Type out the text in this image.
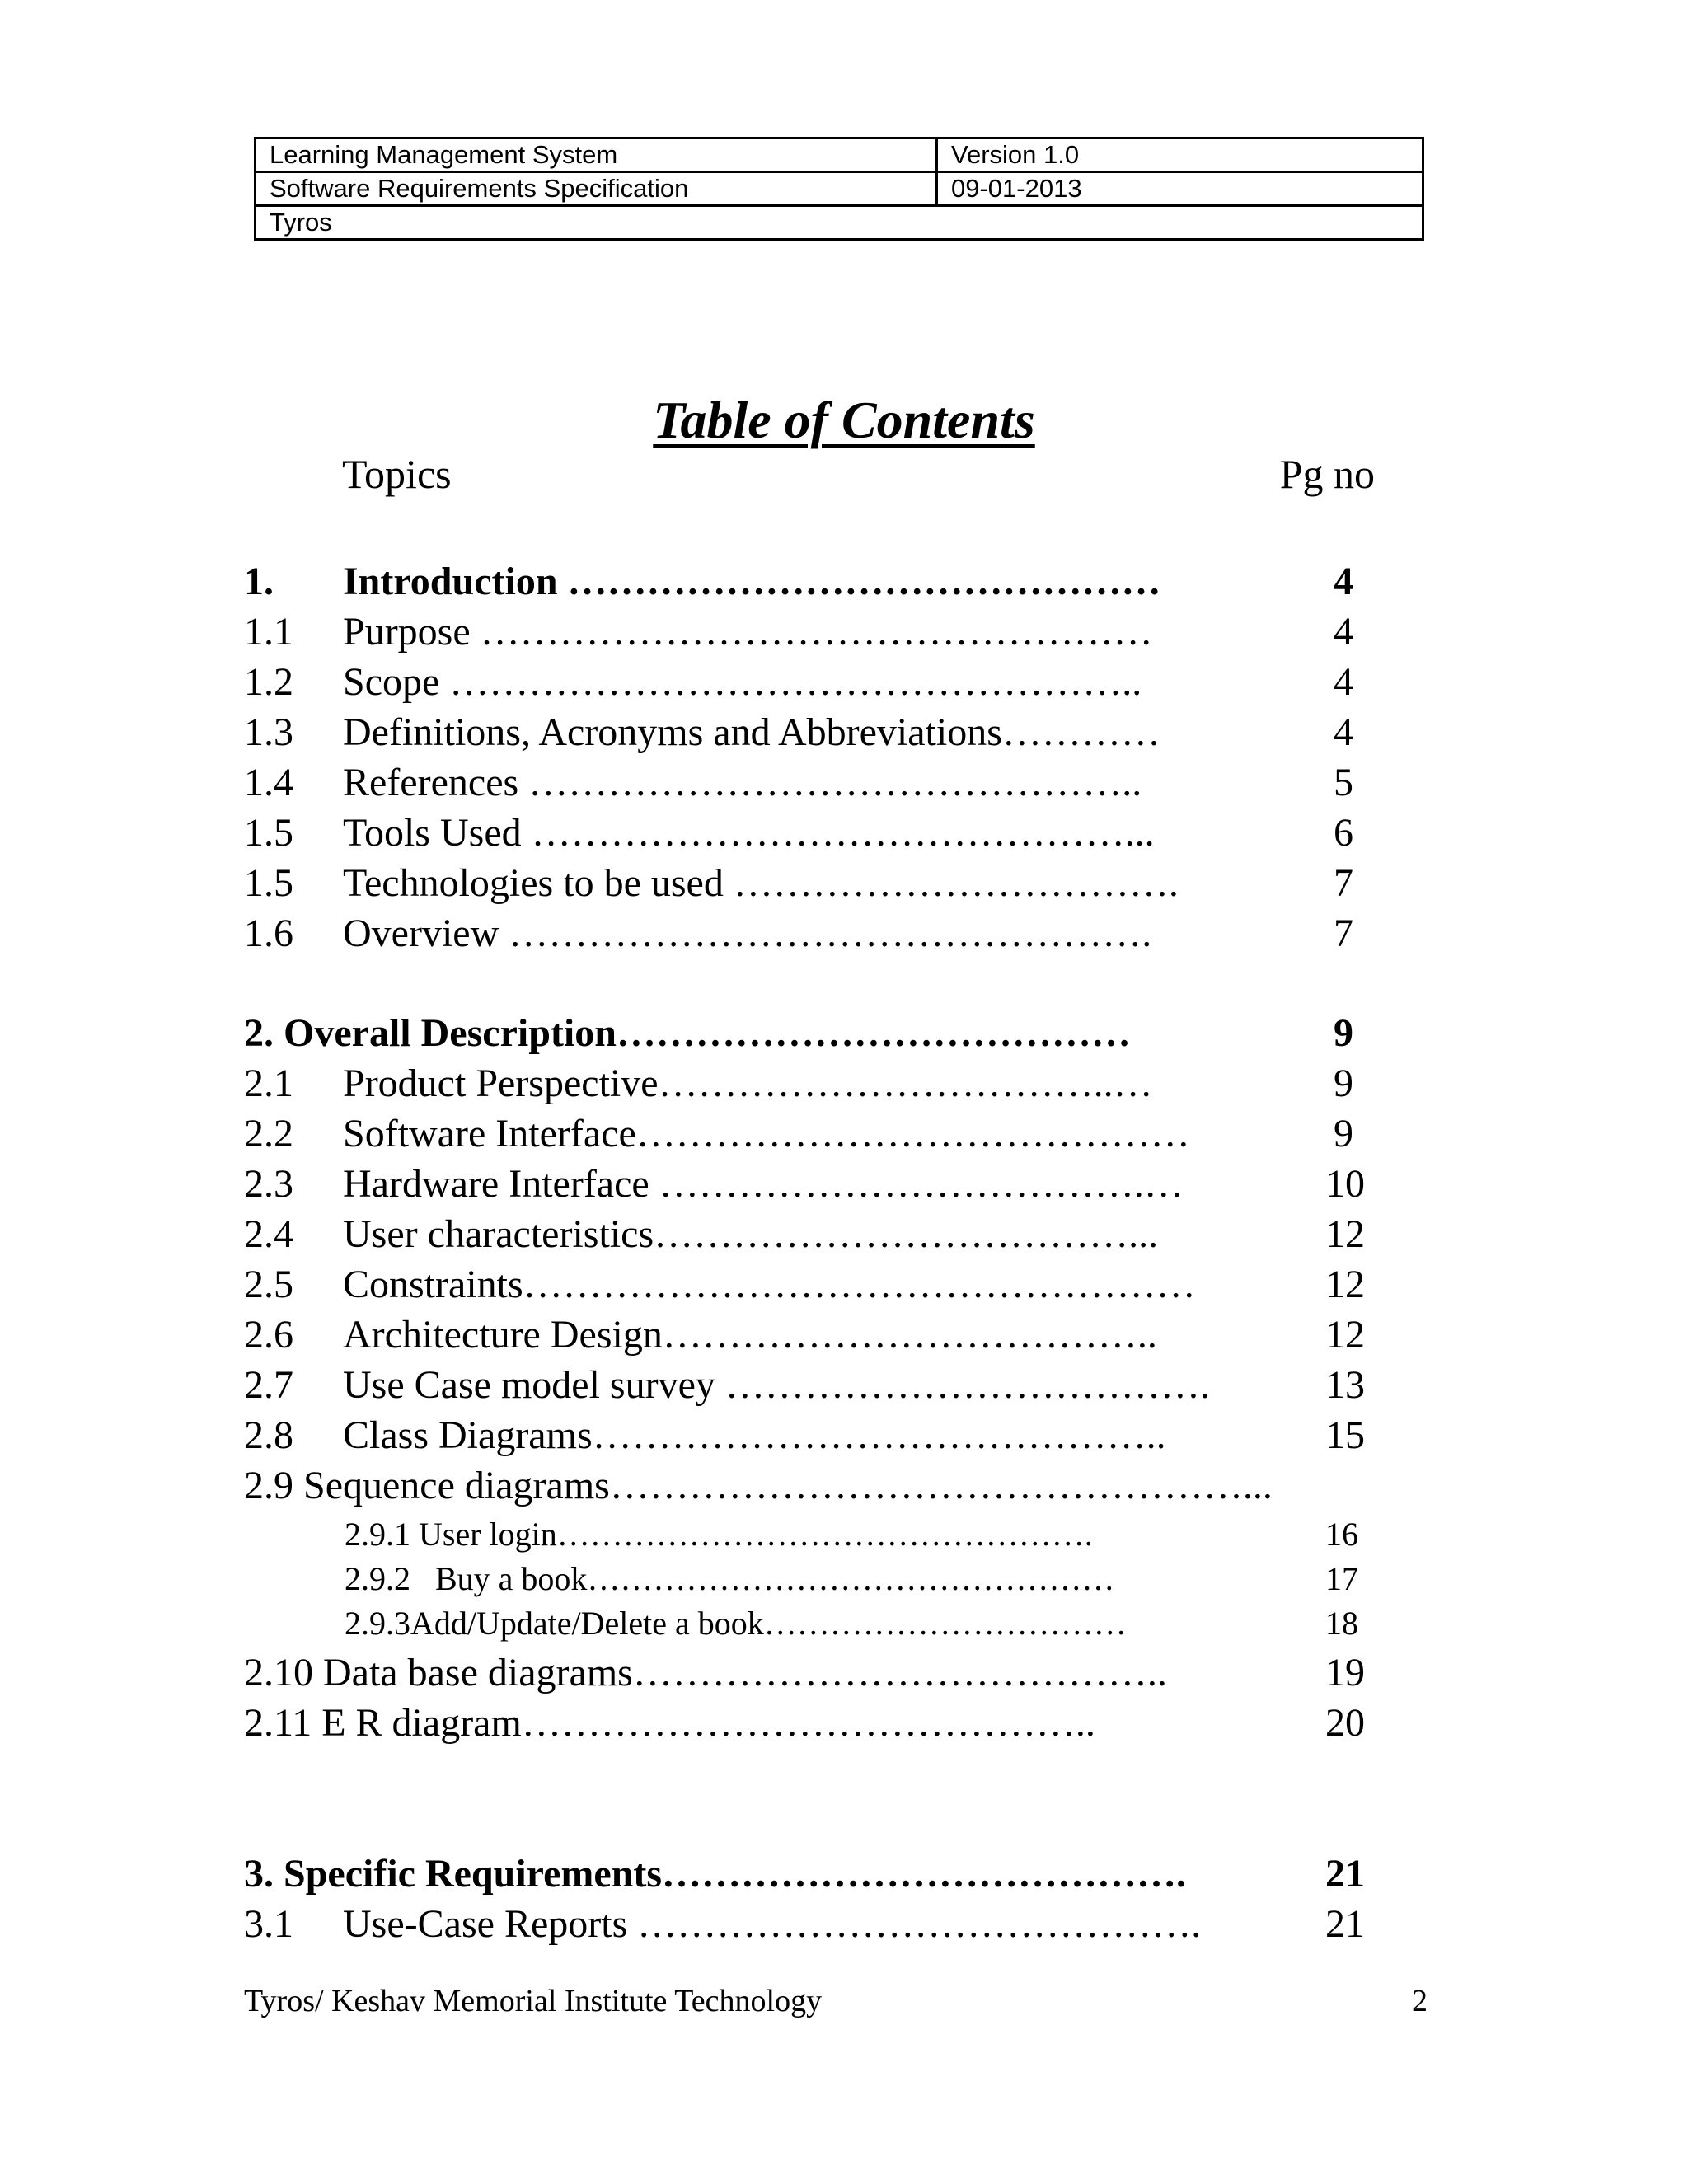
Learning Management System	Version 1.0
Software Requirements Specification	09-01-2013
Tyros	
Table of Contents
Topics	Pg no
1. Introduction ………………………………………	4
1.1 Purpose ……………………………………………	4
1.2 Scope ……………………………………………..	4
1.3 Definitions, Acronyms and Abbreviations…………	4
1.4 References ………………………………………..	5
1.5 Tools Used ………………………………………...	6
1.5 Technologies to be used …………………………….	7
1.6 Overview ………………………………………….	7
2. Overall Description…………………………………	9
2.1 Product Perspective……………………………..…	9
2.2 Software Interface……………………………………	9
2.3 Hardware Interface ……………………………….…	10
2.4 User characteristics………………………………...	12
2.5 Constraints……………………………………………	12
2.6 Architecture Design………………………………..	12
2.7 Use Case model survey ……………………………….	13
2.8 Class Diagrams……………………………………..	15
2.9 Sequence diagrams…………………………………………...
2.9.1 User login………………………………………….	16
2.9.2   Buy a book…………………………………………	17
2.9.3Add/Update/Delete a book……………………………	18
2.10 Data base diagrams…………………………………..	19
2.11 E R diagram……………………………………..	20
3. Specific Requirements………………………………….	21
3.1 Use-Case Reports …………………………………….	21
Tyros/ Keshav Memorial Institute Technology	2
